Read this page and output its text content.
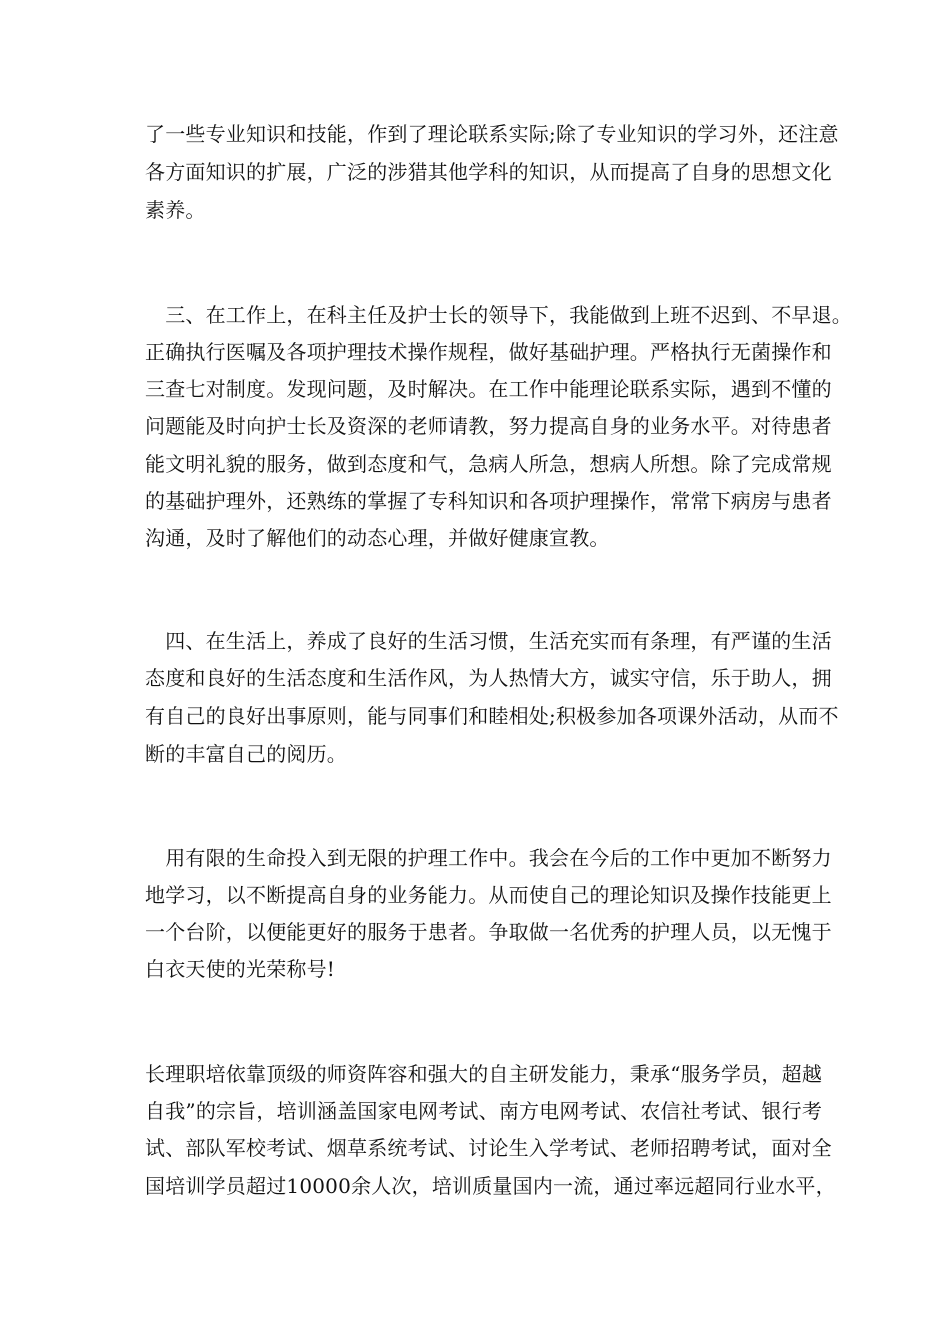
了一些专业知识和技能，作到了理论联系实际;除了专业知识的学习外，还注意
各方面知识的扩展，广泛的涉猎其他学科的知识，从而提高了自身的思想文化
素养。
　三、在工作上，在科主任及护士长的领导下，我能做到上班不迟到、不早退。
正确执行医嘱及各项护理技术操作规程，做好基础护理。严格执行无菌操作和
三查七对制度。发现问题，及时解决。在工作中能理论联系实际，遇到不懂的
问题能及时向护士长及资深的老师请教，努力提高自身的业务水平。对待患者
能文明礼貌的服务，做到态度和气，急病人所急，想病人所想。除了完成常规
的基础护理外，还熟练的掌握了专科知识和各项护理操作，常常下病房与患者
沟通，及时了解他们的动态心理，并做好健康宣教。
　四、在生活上，养成了良好的生活习惯，生活充实而有条理，有严谨的生活
态度和良好的生活态度和生活作风，为人热情大方，诚实守信，乐于助人，拥
有自己的良好出事原则，能与同事们和睦相处;积极参加各项课外活动，从而不
断的丰富自己的阅历。
　用有限的生命投入到无限的护理工作中。我会在今后的工作中更加不断努力
地学习，以不断提高自身的业务能力。从而使自己的理论知识及操作技能更上
一个台阶，以便能更好的服务于患者。争取做一名优秀的护理人员，以无愧于
白衣天使的光荣称号!
长理职培依靠顶级的师资阵容和强大的自主研发能力，秉承“服务学员，超越
自我”的宗旨，培训涵盖国家电网考试、南方电网考试、农信社考试、银行考
试、部队军校考试、烟草系统考试、讨论生入学考试、老师招聘考试，面对全
国培训学员超过10000余人次，培训质量国内一流，通过率远超同行业水平，
